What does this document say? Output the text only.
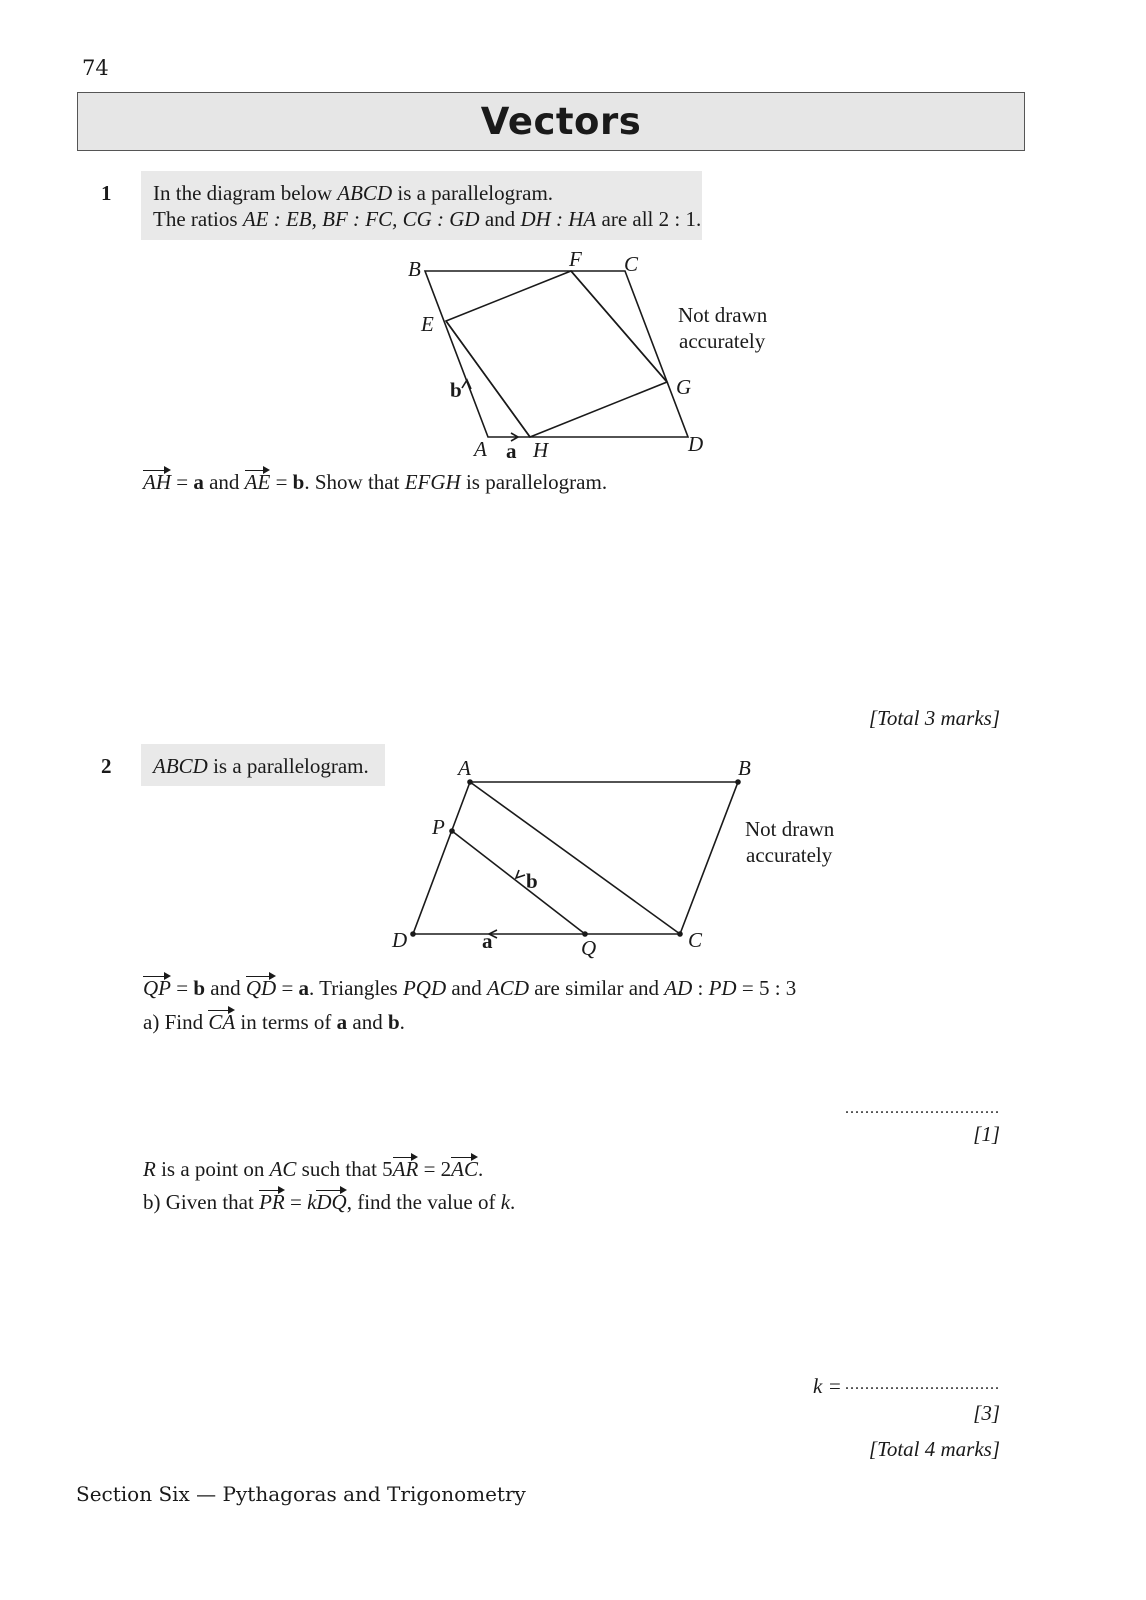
74
Vectors
1 In the diagram below ABCD is a parallelogram.
The ratios AE : EB, BF : FC, CG : GD and DH : HA are all 2 : 1.
B	F C
E
G
A H	D
b
a
Not drawn
accurately
AH = a and AE = b. Show that EFGH is parallelogram.
[Total 3 marks]
2 ABCD is a parallelogram.	A	B
P
C
D	Q
b
a
Not drawn
accurately
QP = b and QD = a. Triangles PQD and ACD are similar and AD : PD = 5 : 3
a) Find CA in terms of a and b.
...............................
[1]
R is a point on AC such that 5AR = 2AC.
b) Given that PR = kDQ, find the value of k.
k = ...............................
[3]
[Total 4 marks]
Section Six — Pythagoras and Trigonometry
